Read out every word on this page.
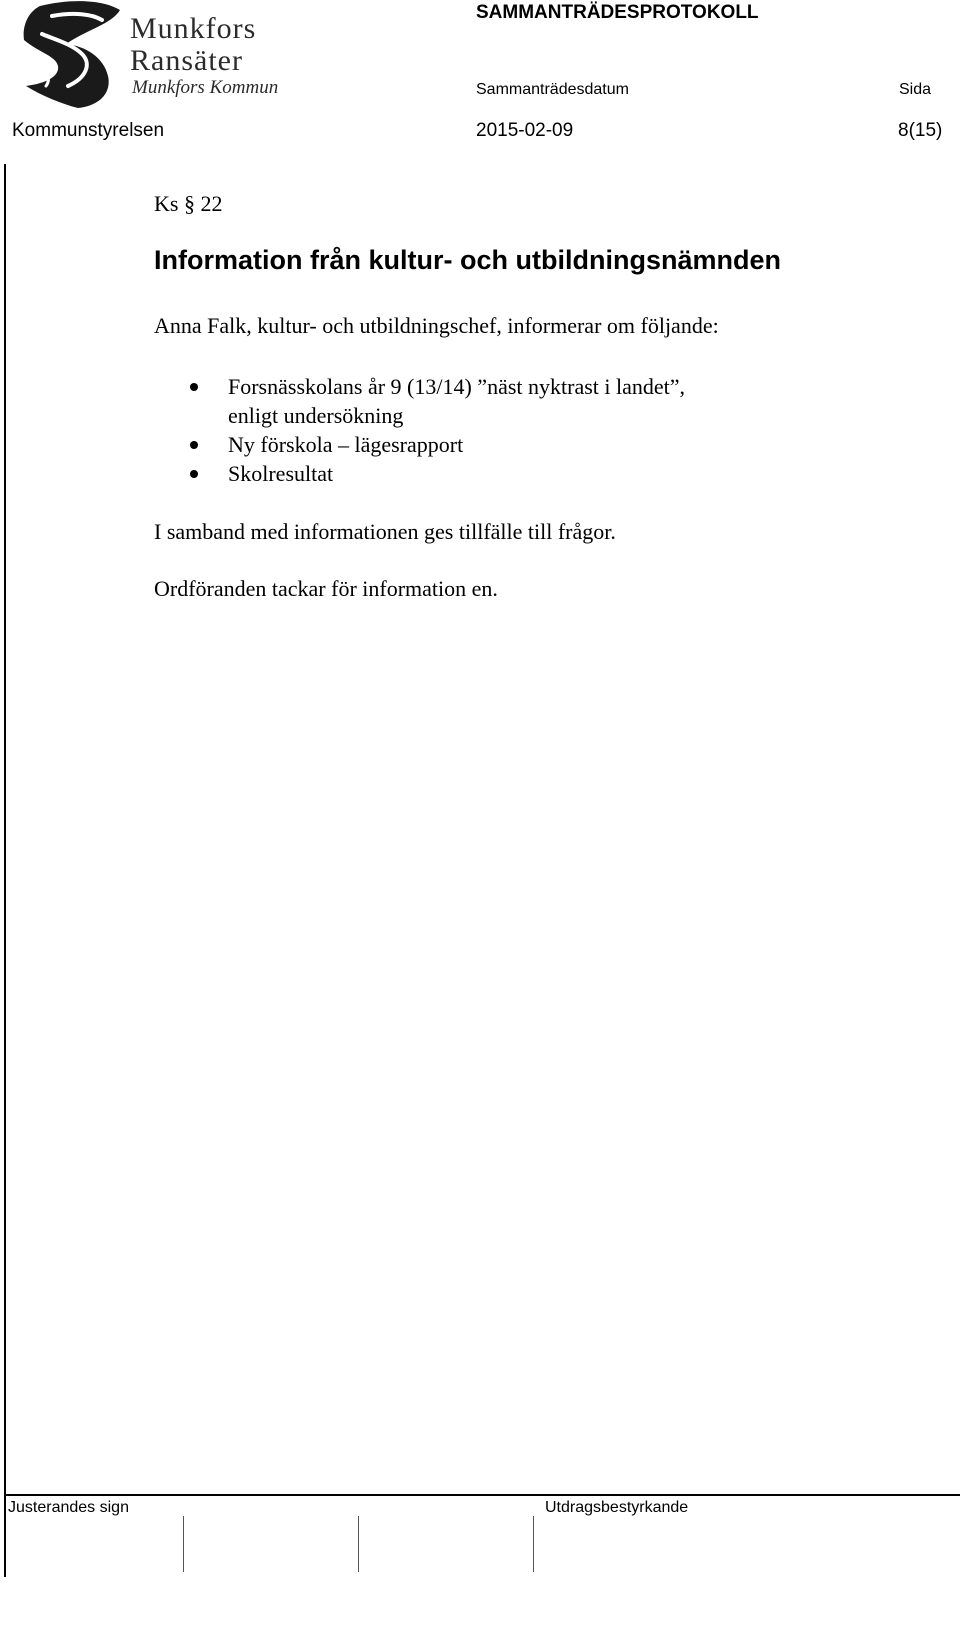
Munkfors
Ransäter
Munkfors Kommun
SAMMANTRÄDESPROTOKOLL
Sammanträdesdatum	Sida
Kommunstyrelsen	2015-02-09	8(15)
Ks § 22
Information från kultur- och utbildningsnämnden
Anna Falk, kultur- och utbildningschef, informerar om följande:
Forsnässkolans år 9 (13/14) ”näst nyktrast i landet”,
enligt undersökning
Ny förskola – lägesrapport
Skolresultat
I samband med informationen ges tillfälle till frågor.
Ordföranden tackar för information en.
Justerandes sign	Utdragsbestyrkande
